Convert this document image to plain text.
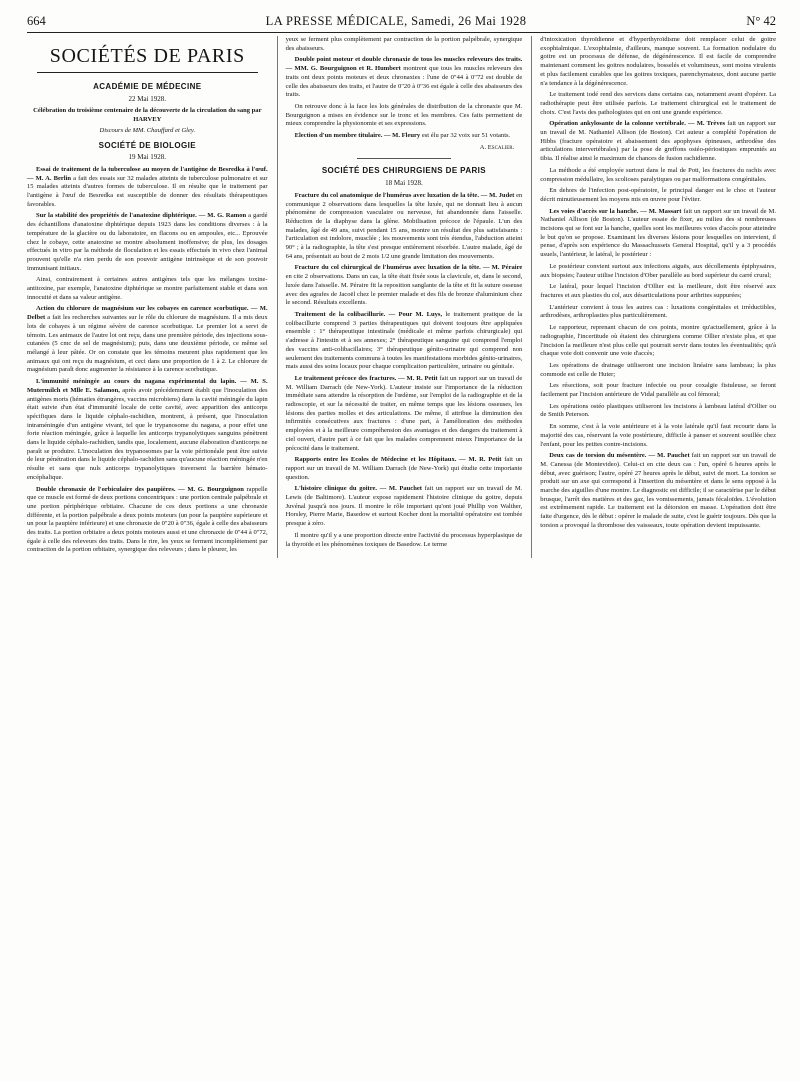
664	LA PRESSE MÉDICALE, Samedi, 26 Mai 1928	N° 42
SOCIÉTÉS DE PARIS
ACADÉMIE DE MÉDECINE
22 Mai 1928.
Célébration du troisième centenaire de la découverte de la circulation du sang par HARVEY
Discours de MM. Chauffard et Gley.
SOCIÉTÉ DE BIOLOGIE
19 Mai 1928.

Essai de traitement de la tuberculose au moyen de l'antigène de Besredka à l'œuf. — M. A. Berlin a fait des essais sur 32 malades atteints de tuberculose pulmonaire et sur 15 malades atteints d'autres formes de tuberculose. Il en résulte que le traitement par l'antigène à l'œuf de Besredka est susceptible de donner des résultats thérapeutiques favorables.

Sur la stabilité des propriétés de l'anatoxine diphtérique. — M. G. Ramon a gardé des échantillons d'anatoxine diphtérique depuis 1923 dans les conditions diverses : à la température de la glacière ou du laboratoire, en flacons ou en ampoules, etc... Eprouvée chez le cobaye, cette anatoxine se montre absolument inoffensive; de plus, les dosages effectués in vitro par la méthode de floculation et les essais effectués in vivo chez l'animal prouvent qu'elle n'a rien perdu de son pouvoir antigène intrinsèque et de son pouvoir immunisant initiaux.

Ainsi, contrairement à certaines autres antigènes tels que les mélanges toxine-antitoxine, par exemple, l'anatoxine diphtérique se montre parfaitement stable et dans son innocuité et dans sa valeur antigène.

Action du chlorure de magnésium sur les cobayes en carence scorbutique. — M. Delbet a fait les recherches suivantes sur le rôle du chlorure de magnésium. Il a mis deux lots de cobayes à un régime sévère de carence scorbutique. Le premier lot a servi de témoin. Les animaux de l'autre lot ont reçu, dans une première période, des injections sous-cutanées (5 cmc de sel de magnésium); puis, dans une deuxième période, ce même sel mélangé à leur pâtée. Or on constate que les témoins meurent plus rapidement que les animaux qui ont reçu du magnésium, et ceci dans une proportion de 1 à 2. Le chlorure de magnésium paraît donc augmenter la résistance à la carence scorbutique.

L'immunité méningée au cours du nagana expérimental du lapin. — M. S. Mutermilch et Mlle E. Salamon, après avoir précédemment établi que l'inoculation des antigènes morts (hématies étrangères, vaccins microbiens) dans la cavité méningée du lapin était suivie d'un état d'immunité locale de cette cavité, avec apparition des anticorps spécifiques dans le liquide céphalo-rachidien, montrent, à présent, que l'inoculation intraméningée d'un antigène vivant, tel que le trypanosome du nagana, a pour effet une forte réaction méningée, grâce à laquelle les anticorps trypanolytiques sanguins pénètrent dans le liquide céphalo-rachidien, tandis que, localement, aucune élaboration d'anticorps ne paraît se produire. L'inoculation des trypanosomes par la voie péritonéale peut être suivie de leur pénétration dans le liquide céphalo-rachidien sans qu'aucune réaction méningée n'en résulte et sans que nuls anticorps trypanolytiques traversent la barrière hémato-encéphalique.

Double chronaxie de l'orbiculaire des paupières. — M. G. Bourguignon rappelle que ce muscle est formé de deux portions concentriques : une portion centrale palpébrale et une portion périphérique orbitaire. Chacune de ces deux portions a une chronaxie différente, et la portion palpébrale a deux points moteurs (un pour la paupière supérieure et un pour la paupière inférieure) et une chronaxie de 0"20 à 0"36, égale à celle des abaisseurs des traits. La portion orbitaire a deux points moteurs aussi et une chronaxie de 0"44 à 0"72, égale à celle des releveurs des traits. Dans le rire, les yeux se ferment incomplètement par contraction de la portion orbitaire, synergique des releveurs ; dans le pleurer, les

yeux se ferment plus complètement par contraction de la portion palpébrale, synergique des abaisseurs.

Double point moteur et double chronaxie de tous les muscles releveurs des traits. — MM. G. Bourguignon et R. Humbert montrent que tous les muscles releveurs des traits ont deux points moteurs et deux chronaxies : l'une de 0"44 à 0"72 est double de celle des abaisseurs des traits, et l'autre de 0"20 à 0"36 est égale à celle des abaisseurs des traits.

On retrouve donc à la face les lois générales de distribution de la chronaxie que M. Bourguignon a mises en évidence sur le tronc et les membres. Ces faits permettent de mieux comprendre la physionomie et ses expressions.

Election d'un membre titulaire. — M. Fleury est élu par 32 voix sur 51 votants.

A. Escalier.
SOCIÉTÉ DES CHIRURGIENS DE PARIS
18 Mai 1928.

Fracture du col anatomique de l'humérus avec luxation de la tête. — M. Judet en communique 2 observations dans lesquelles la tête luxée, qui ne donnait lieu à aucun phénomène de compression vasculaire ou nerveuse, fut abandonnée dans l'aisselle. Réduction de la diaphyse dans la glène. Mobilisation précoce de l'épaule. L'un des malades, âgé de 49 ans, suivi pendant 15 ans, montre un résultat des plus satisfaisants : l'articulation est indolore, musclée ; les mouvements sont très étendus, l'abduction atteint 90° ; à la radiographie, la tête s'est presque entièrement résorbée. L'autre malade, âgé de 64 ans, présentait au bout de 2 mois 1/2 une grande limitation des mouvements.

Fracture du col chirurgical de l'humérus avec luxation de la tête. — M. Péraire en cite 2 observations. Dans un cas, la tête était fixée sous la clavicule, et, dans le second, luxée dans l'aisselle. M. Péraire fit la reposition sanglante de la tête et fit la suture osseuse avec des agrafes de Jacoël chez le premier malade et des fils de bronze d'aluminium chez le second. Résultats excellents.

Traitement de la colibacillurie. — Pour M. Luys, le traitement pratique de la colibacillurie comprend 3 parties thérapeutiques qui doivent toujours être appliquées ensemble : 1° thérapeutique intestinale (médicale et même parfois chirurgicale) qui s'adresse à l'intestin et à ses annexes; 2° thérapeutique sanguine qui comprend l'emploi des vaccins anti-colibacillaires; 3° thérapeutique génito-urinaire qui comprend non seulement des traitements communs à toutes les manifestations morbides génito-urinaires, mais aussi des soins locaux pour chaque complication particulière, urinaire ou génitale.

Le traitement précoce des fractures. — M. R. Petit fait un rapport sur un travail de M. William Darrach (de New-York). L'auteur insiste sur l'importance de la réduction immédiate sans attendre la résorption de l'œdème, sur l'emploi de la radiographie et de la radioscopie, et sur la nécessité de traiter, en même temps que les lésions osseuses, les lésions des parties molles et des articulations. De même, il attribue la diminution des infirmités consécutives aux fractures : d'une part, à l'amélioration des méthodes employées et à la meilleure compréhension des avantages et des dangers du traitement à ciel ouvert, d'autre part à ce fait que les malades comprennent mieux l'importance de la précocité dans le traitement.

Rapports entre les Ecoles de Médecine et les Hôpitaux. — M. R. Petit fait un rapport sur un travail de M. William Darrach (de New-York) qui étudie cette importante question.

L'histoire clinique du goitre. — M. Pauchet fait un rapport sur un travail de M. Lewis (de Baltimore). L'auteur expose rapidement l'histoire clinique du goitre, depuis Juvénal jusqu'à nos jours. Il montre le rôle important qu'ont joué Phillip von Walther, Horsley, Pierre Marie, Basedow et surtout Kocher dont la mortalité opératoire est tombée presque à zéro.

Il montre qu'il y a une proportion directe entre l'activité du processus hyperplasique de la thyroïde et les phénomènes toxiques de Basedow. Le terme

d'intoxication thyroïdienne et d'hyperthyroïdisme doit remplacer celui de goitre exophtalmique. L'exophtalmie, d'ailleurs, manque souvent. La formation nodulaire du goitre est un processus de défense, de dégénérescence. Il est facile de comprendre maintenant comment les goitres nodulaires, bosselés et volumineux, sont moins virulents et plus facilement curables que les goitres toxiques, parenchymateux, dont aucune partie n'a tendance à la dégénérescence.

Le traitement iodé rend des services dans certains cas, notamment avant d'opérer. La radiothérapie peut être utilisée parfois. Le traitement chirurgical est le traitement de choix. C'est l'avis des pathologistes qui en ont une grande expérience.

Opération ankylosante de la colonne vertébrale. — M. Trèves fait un rapport sur un travail de M. Nathaniel Allison (de Boston). Cet auteur a complété l'opération de Hibbs (fracture opératoire et abaissement des apophyses épineuses, arthrodèse des articulations intervertébrales) par la pose de greffons ostéo-périostiques empruntés au tibia. Il réalise ainsi le maximum de chances de fusion rachidienne.

La méthode a été employée surtout dans le mal de Pott, les fractures du rachis avec compression médullaire, les scolioses paralytiques ou par malformations congénitales.

En dehors de l'infection post-opératoire, le principal danger est le choc et l'auteur décrit minutieusement les moyens mis en œuvre pour l'éviter.

Les voies d'accès sur la hanche. — M. Massart fait un rapport sur un travail de M. Nathaniel Allison (de Boston). L'auteur essaie de fixer, au milieu des si nombreuses incisions qui se font sur la hanche, quelles sont les meilleures voies d'accès pour atteindre le but qu'on se propose. Examinant les diverses lésions pour lesquelles on intervient, il pense, d'après son expérience du Massachussets General Hospital, qu'il y a 3 procédés usuels, l'antérieur, le latéral, le postérieur :

Le postérieur convient surtout aux infections aiguës, aux décollements épiphysaires, aux biopsies; l'auteur utilise l'incision d'Ober parallèle au bord supérieur du carré crural;

Le latéral, pour lequel l'incision d'Ollier est la meilleure, doit être réservé aux fractures et aux plasties du col, aux désarticulations pour arthrites suppurées;

L'antérieur convient à tous les autres cas : luxations congénitales et irréductibles, arthrodèses, arthroplasties plus particulièrement.

Le rapporteur, reprenant chacun de ces points, montre qu'actuellement, grâce à la radiographie, l'incertitude où étaient des chirurgiens comme Ollier n'existe plus, et que l'incision la meilleure n'est plus celle qui pourrait servir dans toutes les éventualités; qu'à chaque voie doit convenir une voie d'accès;

Les opérations de drainage utiliseront une incision linéaire sans lambeau; la plus commode est celle de Huter;

Les résections, soit pour fracture infectée ou pour coxalgie fistuleuse, se feront facilement par l'incision antérieure de Vidal parallèle au col fémoral;

Les opérations ostéo plastiques utiliseront les incisions à lambeau latéral d'Ollier ou de Smith Peterson.

En somme, c'est à la voie antérieure et à la voie latérale qu'il faut recourir dans la majorité des cas, réservant la voie postérieure, difficile à panser et souvent souillée chez l'enfant, pour les petites contre-incisions.

Deux cas de torsion du mésentère. — M. Pauchet fait un rapport sur un travail de M. Canessa (de Montevideo). Celui-ci en cite deux cas : l'un, opéré 6 heures après le début, avec guérison; l'autre, opéré 27 heures après le début, suivi de mort. La torsion se produit sur un axe qui correspond à l'insertion du mésentère et dans le sens opposé à la marche des aiguilles d'une montre. Le diagnostic est difficile; il se caractérise par le début brusque, l'arrêt des matières et des gaz, les vomissements, jamais fécaloïdes. L'évolution est extrêmement rapide. Le traitement est la détorsion en masse. L'opération doit être faite d'urgence, dès le début : opérer le malade de suite, c'est le guérir toujours. Dès que la torsion a provoqué la thrombose des vaisseaux, toute opération devient impuissante.
